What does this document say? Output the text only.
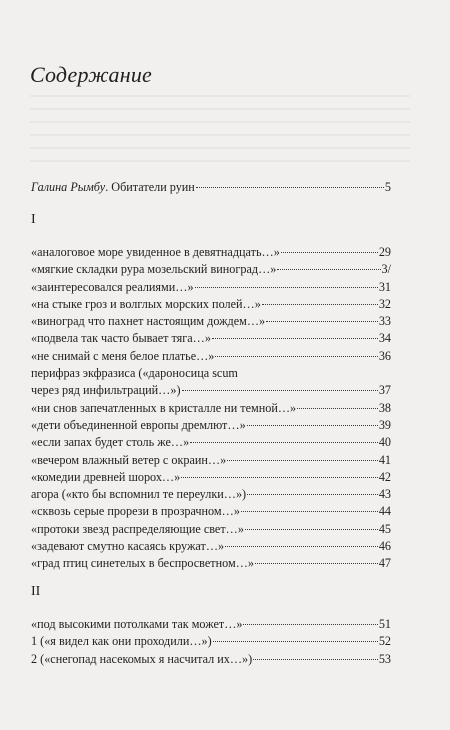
Содержание
Галина Рымбу. Обитатели руин	5
I
«аналоговое море увиденное в девятнадцать…»	29
«мягкие складки рура мозельский виноград…»	3/
«заинтересовался реалиями…»	31
«на стыке гроз и волглых морских полей…»	32
«виноград что пахнет настоящим дождем…»	33
«подвела так часто бывает тяга…»	34
«не снимай с меня белое платье…»	36
перифраз экфразиса («дароносица scum
через ряд инфильтраций…»)	37
«ни снов запечатленных в кристалле ни темной…»	38
«дети объединенной европы дремлют…»	39
«если запах будет столь же…»	40
«вечером влажный ветер с окраин…»	41
«комедии древней шорох…»	42
агора («кто бы вспомнил те переулки…»)	43
«сквозь серые прорези в прозрачном…»	44
«протоки звезд распределяющие свет…»	45
«задевают смутно касаясь кружат…»	46
«град птиц синетелых в беспросветном…»	47
II
«под высокими потолками так может…»	51
1 («я видел как они проходили…»)	52
2 («снегопад насекомых я насчитал их…»)	53
